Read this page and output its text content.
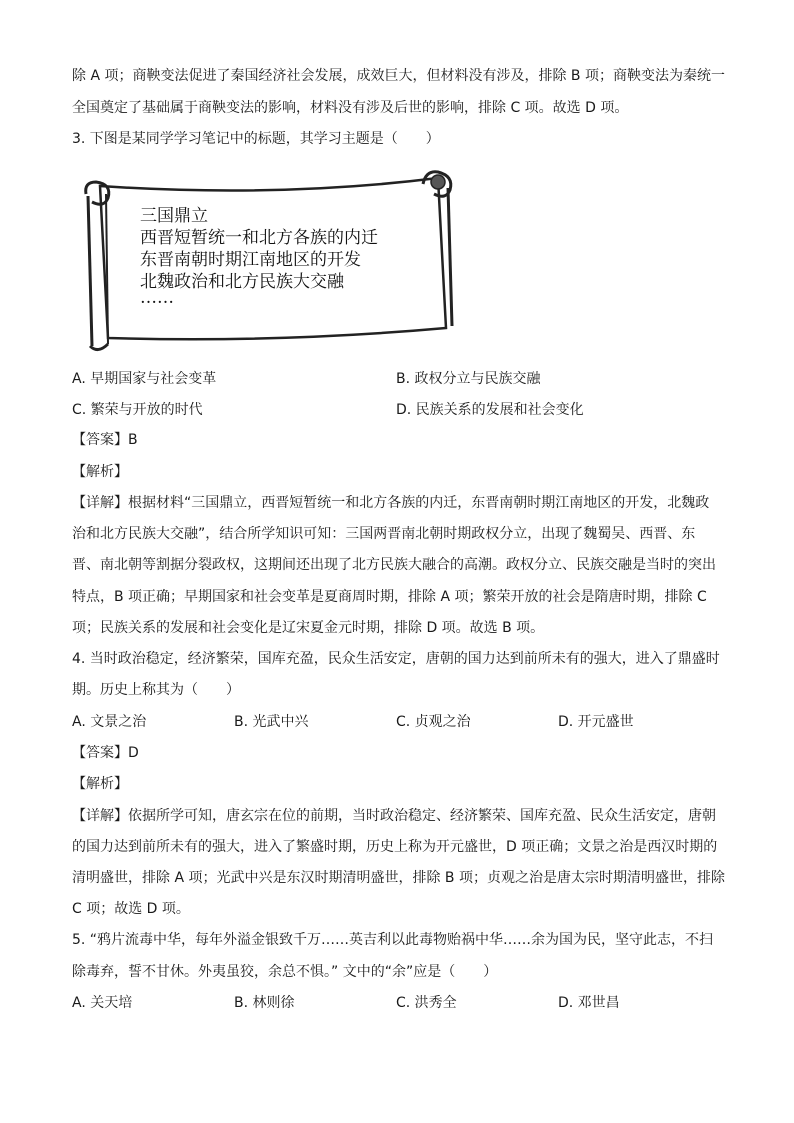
除 A 项；商鞅变法促进了秦国经济社会发展，成效巨大，但材料没有涉及，排除 B 项；商鞅变法为秦统一
全国奠定了基础属于商鞅变法的影响，材料没有涉及后世的影响，排除 C 项。故选 D 项。
3. 下图是某同学学习笔记中的标题，其学习主题是（　　）
三国鼎立
西晋短暂统一和北方各族的内迁
东晋南朝时期江南地区的开发
北魏政治和北方民族大交融
……
A. 早期国家与社会变革	B. 政权分立与民族交融
C. 繁荣与开放的时代	D. 民族关系的发展和社会变化
【答案】B
【解析】
【详解】根据材料“三国鼎立，西晋短暂统一和北方各族的内迁，东晋南朝时期江南地区的开发，北魏政
治和北方民族大交融”，结合所学知识可知：三国两晋南北朝时期政权分立，出现了魏蜀吴、西晋、东
晋、南北朝等割据分裂政权，这期间还出现了北方民族大融合的高潮。政权分立、民族交融是当时的突出
特点，B 项正确；早期国家和社会变革是夏商周时期，排除 A 项；繁荣开放的社会是隋唐时期，排除 C
项；民族关系的发展和社会变化是辽宋夏金元时期，排除 D 项。故选 B 项。
4. 当时政治稳定，经济繁荣，国库充盈，民众生活安定，唐朝的国力达到前所未有的强大，进入了鼎盛时
期。历史上称其为（　　）
A. 文景之治	B. 光武中兴	C. 贞观之治	D. 开元盛世
【答案】D
【解析】
【详解】依据所学可知，唐玄宗在位的前期，当时政治稳定、经济繁荣、国库充盈、民众生活安定，唐朝
的国力达到前所未有的强大，进入了繁盛时期，历史上称为开元盛世，D 项正确；文景之治是西汉时期的
清明盛世，排除 A 项；光武中兴是东汉时期清明盛世，排除 B 项；贞观之治是唐太宗时期清明盛世，排除
C 项；故选 D 项。
5. “鸦片流毒中华，每年外溢金银致千万……英吉利以此毒物贻祸中华……余为国为民，坚守此志，不扫
除毒弃，誓不甘休。外夷虽狡，余总不惧。” 文中的“余”应是（　　）
A. 关天培	B. 林则徐	C. 洪秀全	D. 邓世昌
